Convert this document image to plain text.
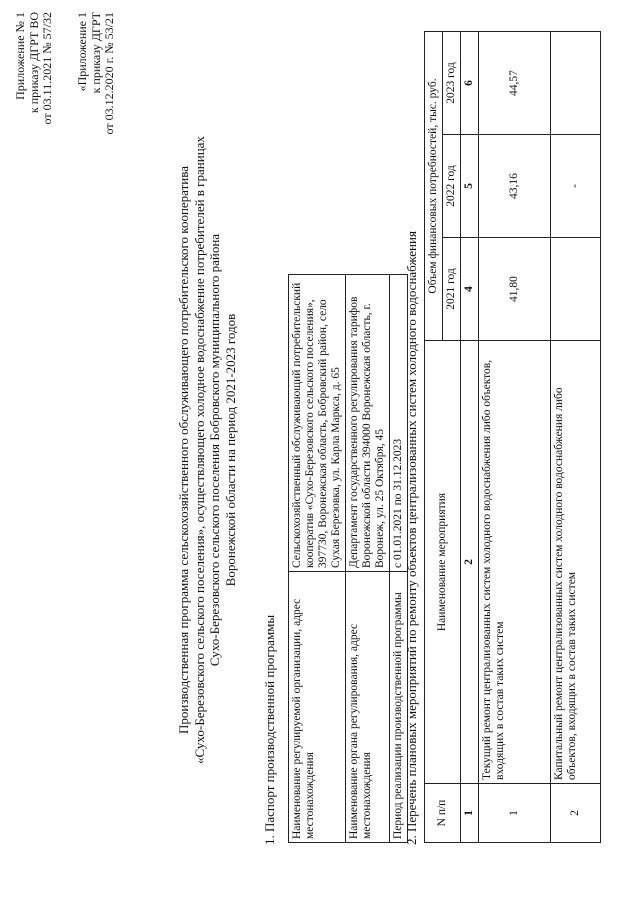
Приложение № 1 к приказу ДГРТ ВО от 03.11.2021 № 57/32 «Приложение 1 к приказу ДГРТ от 03.12.2020 г. № 53/21
Производственная программа сельскохозяйственного обслуживающего потребительского кооператива «Сухо-Березовского сельского поселения», осуществляющего холодное водоснабжение потребителей в границах Сухо-Березовского сельского поселения Бобровского муниципального района Воронежской области на период 2021-2023 годов
1. Паспорт производственной программы Наименование регулируемой организации, адрес местонахождения	Сельскохозяйственный обслуживающий потребительский кооператив «Сухо-Березовского сельского поселения», 397730, Воронежская область, Бобровский район, село Сухая Березовка, ул. Карла Маркса, д. 65
Наименование органа регулирования, адрес местонахождения	Департамент государственного регулирования тарифов Воронежской области 394000 Воронежская область, г. Воронеж, ул. 25 Октября, 45
Период реализации производственной программы	с 01.01.2021 по 31.12.2023 2. Перечень плановых мероприятий по ремонту объектов централизованных систем холодного водоснабжения N п/п	Наименование мероприятия	Объем финансовых потребностей, тыс. руб.		
		2021 год	2022 год	2023 год
1	2	4	5	6
1	Текущий ремонт централизованных систем холодного водоснабжения либо объектов, входящих в состав таких систем	41,80	43,16	44,57
2	Капитальный ремонт централизованных систем холодного водоснабжения либо объектов, входящих в состав таких систем		-	
